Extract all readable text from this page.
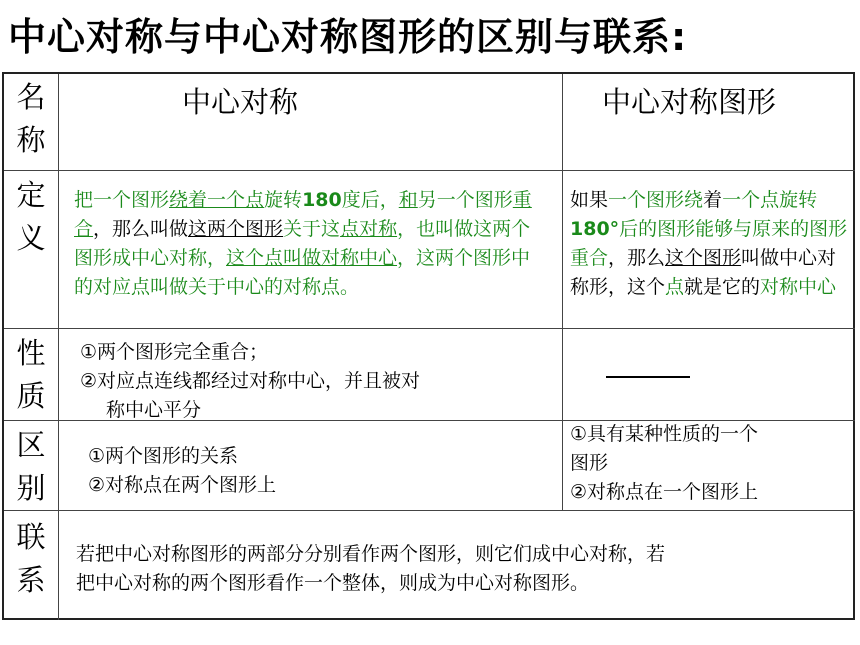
中心对称与中心对称图形的区别与联系:
名称
中心对称	中心对称图形
定义
性质
区别
联系
把一个图形绕着一个点旋转180度后，和另一个图形重合，那么叫做这两个图形关于这点对称，也叫做这两个图形成中心对称，这个点叫做对称中心，这两个图形中的对应点叫做关于中心的对称点。
如果一个图形绕着一个点旋转180°后的图形能够与原来的图形重合，那么这个图形叫做中心对称形，这个点就是它的对称中心
①两个图形完全重合；
②对应点连线都经过对称中心，并且被对
称中心平分
①两个图形的关系
②对称点在两个图形上
①具有某种性质的一个
图形
②对称点在一个图形上
若把中心对称图形的两部分分别看作两个图形，则它们成中心对称，若
把中心对称的两个图形看作一个整体，则成为中心对称图形。
